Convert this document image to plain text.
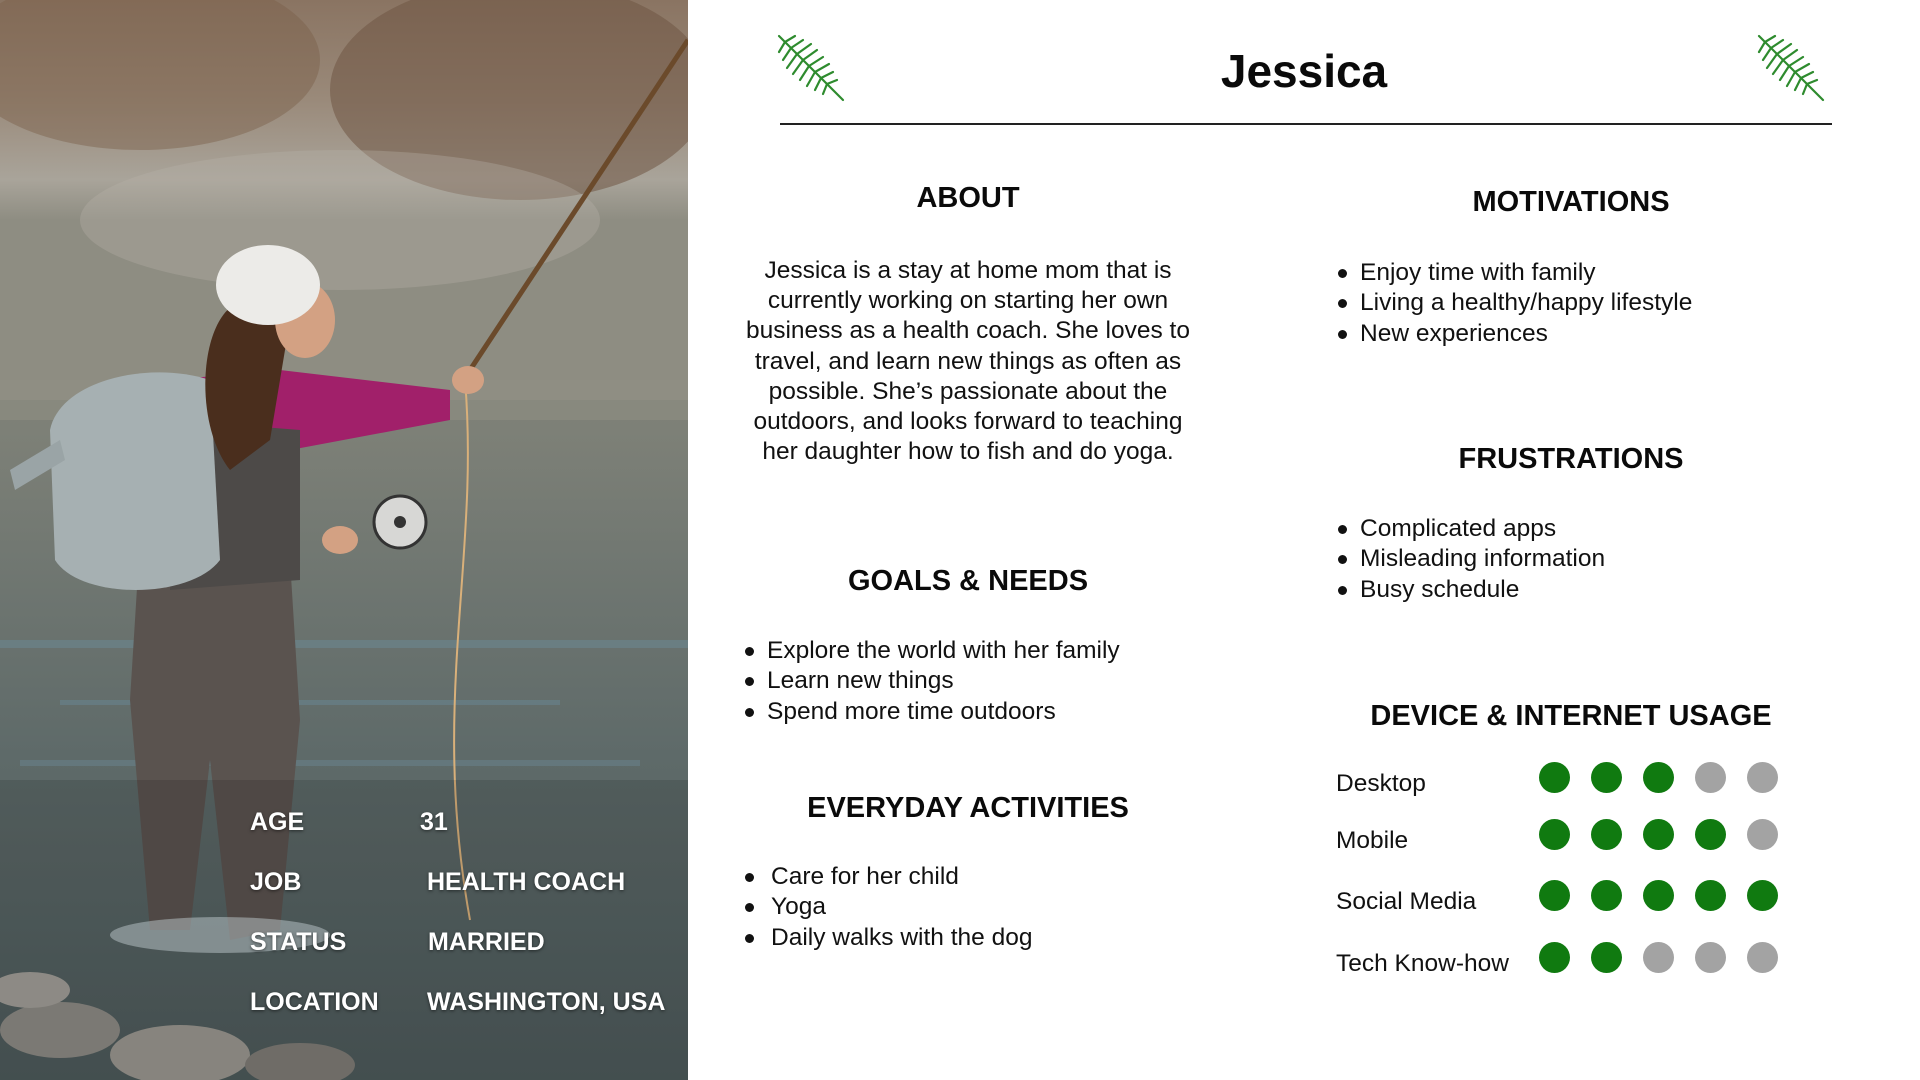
AGE	31
JOB	HEALTH COACH
STATUS	MARRIED
LOCATION WASHINGTON, USA
Jessica
ABOUT

Jessica is a stay at home mom that is currently working on starting her own business as a health coach. She loves to travel, and learn new things as often as possible. She’s passionate about the outdoors, and looks forward to teaching her daughter how to fish and do yoga.

GOALS & NEEDS
Explore the world with her family
Learn new things
Spend more time outdoors
EVERYDAY ACTIVITIES
Care for her child
Yoga
Daily walks with the dog
MOTIVATIONS
Enjoy time with family
Living a healthy/happy lifestyle
New experiences
FRUSTRATIONS
Complicated apps
Misleading information
Busy schedule
DEVICE & INTERNET USAGE
Desktop
Mobile
Social Media
Tech Know-how
